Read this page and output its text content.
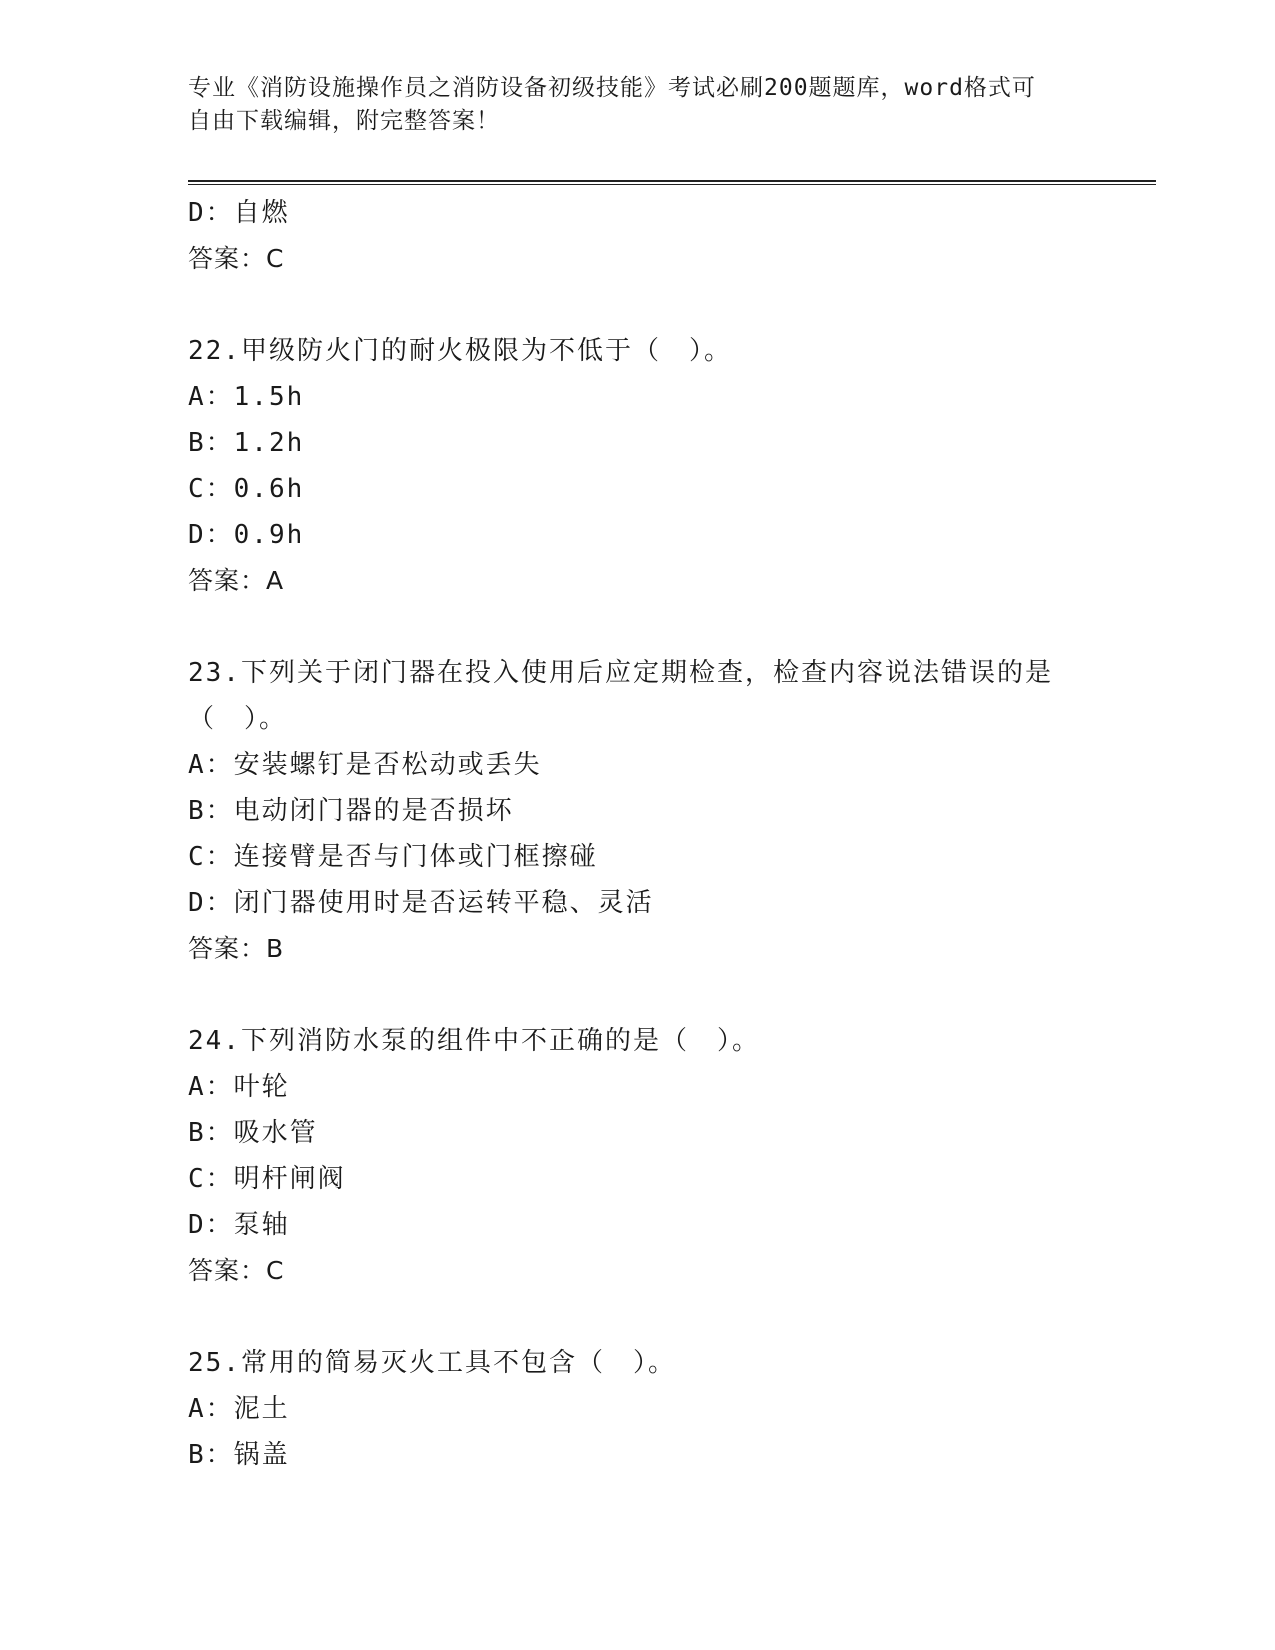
专业《消防设施操作员之消防设备初级技能》考试必刷200题题库，word格式可
自由下载编辑，附完整答案！
D：自燃
答案：C
22.甲级防火门的耐火极限为不低于（　）。
A：1.5h
B：1.2h
C：0.6h
D：0.9h
答案：A
23.下列关于闭门器在投入使用后应定期检查，检查内容说法错误的是
（　）。
A：安装螺钉是否松动或丢失
B：电动闭门器的是否损坏
C：连接臂是否与门体或门框擦碰
D：闭门器使用时是否运转平稳、灵活
答案：B
24.下列消防水泵的组件中不正确的是（　）。
A：叶轮
B：吸水管
C：明杆闸阀
D：泵轴
答案：C
25.常用的简易灭火工具不包含（　）。
A：泥土
B：锅盖
